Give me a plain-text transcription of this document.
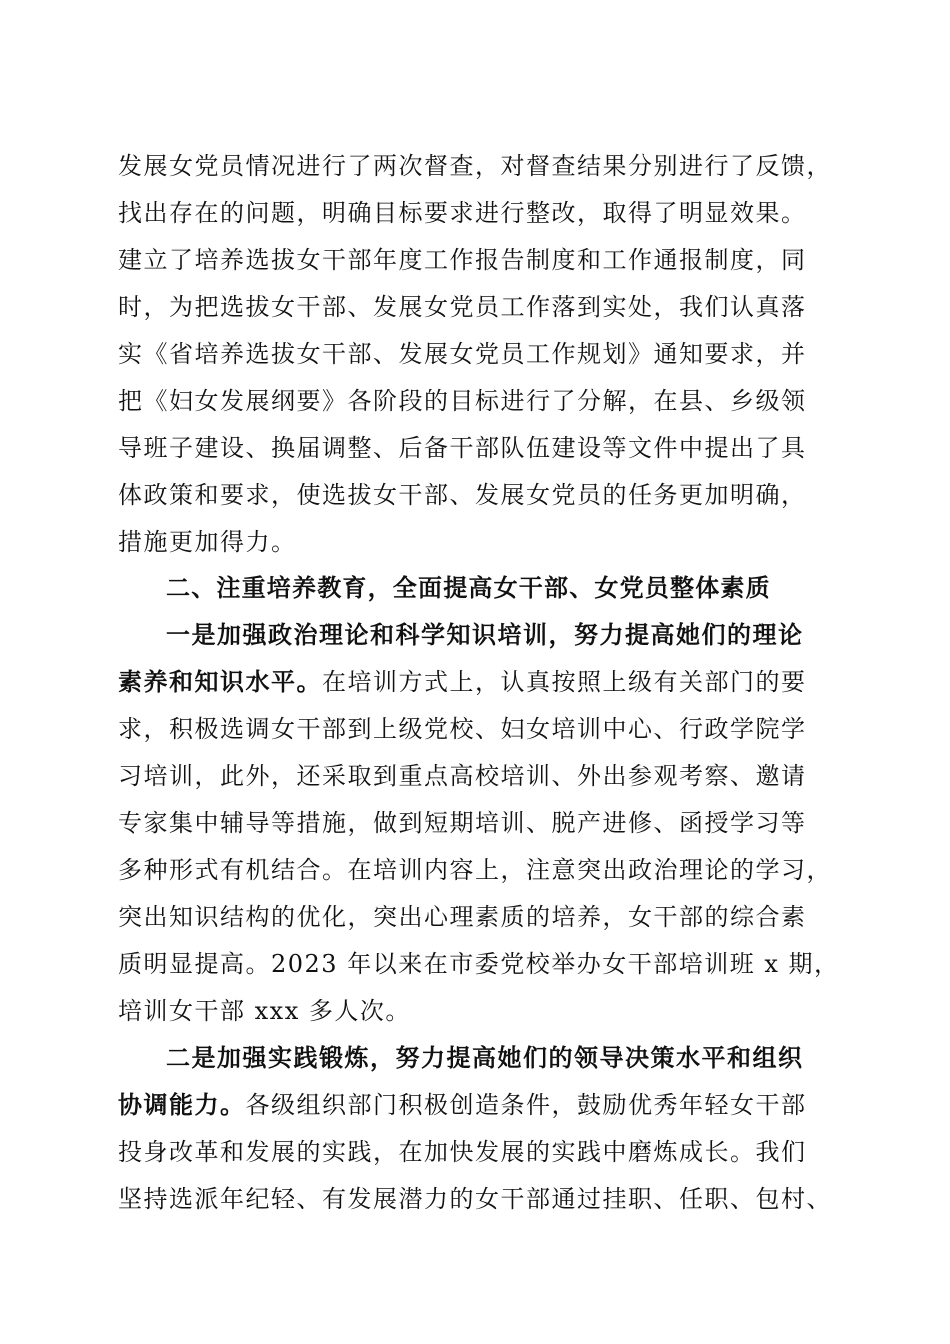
发展女党员情况进行了两次督查，对督查结果分别进行了反馈，
找出存在的问题，明确目标要求进行整改，取得了明显效果。
建立了培养选拔女干部年度工作报告制度和工作通报制度，同
时，为把选拔女干部、发展女党员工作落到实处，我们认真落
实《省培养选拔女干部、发展女党员工作规划》通知要求，并
把《妇女发展纲要》各阶段的目标进行了分解，在县、乡级领
导班子建设、换届调整、后备干部队伍建设等文件中提出了具
体政策和要求，使选拔女干部、发展女党员的任务更加明确，
措施更加得力。
二、注重培养教育，全面提高女干部、女党员整体素质
一是加强政治理论和科学知识培训，努力提高她们的理论
素养和知识水平。在培训方式上，认真按照上级有关部门的要
求，积极选调女干部到上级党校、妇女培训中心、行政学院学
习培训，此外，还采取到重点高校培训、外出参观考察、邀请
专家集中辅导等措施，做到短期培训、脱产进修、函授学习等
多种形式有机结合。在培训内容上，注意突出政治理论的学习，
突出知识结构的优化，突出心理素质的培养，女干部的综合素
质明显提高。2023 年以来在市委党校举办女干部培训班 x 期，
培训女干部 xxx 多人次。
二是加强实践锻炼，努力提高她们的领导决策水平和组织
协调能力。各级组织部门积极创造条件，鼓励优秀年轻女干部
投身改革和发展的实践，在加快发展的实践中磨炼成长。我们
坚持选派年纪轻、有发展潜力的女干部通过挂职、任职、包村、
